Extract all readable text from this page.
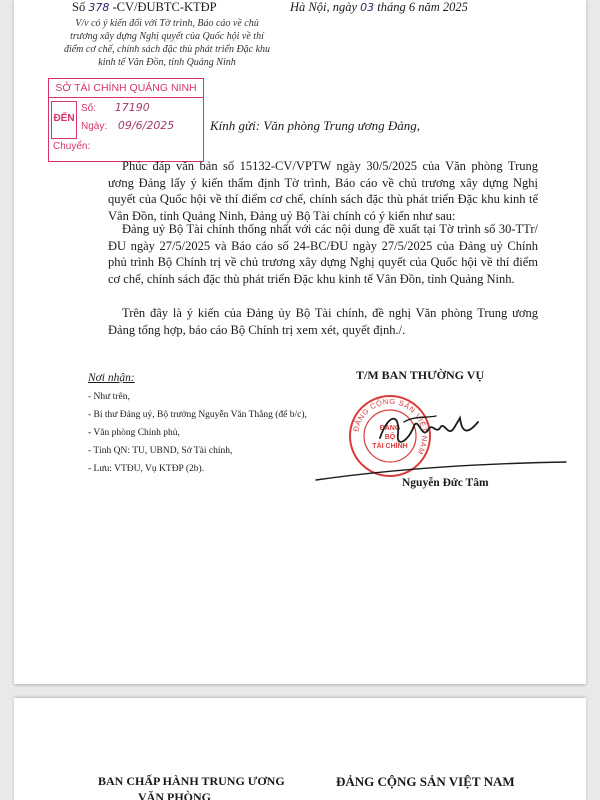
Số 378 -CV/ĐUBTC-KTĐP
V/v có ý kiến đối với Tờ trình, Báo cáo về chủ trương xây dựng Nghị quyết của Quốc hội về thí điểm cơ chế, chính sách đặc thù phát triển Đặc khu kinh tế Vân Đồn, tỉnh Quảng Ninh
Hà Nội, ngày 03 tháng 6 năm 2025
SỞ TÀI CHÍNH QUẢNG NINH
ĐẾN
Số: 17190
Ngày: 09/6/2025
Chuyển:
Kính gửi: Văn phòng Trung ương Đảng,
Phúc đáp văn bản số 15132-CV/VPTW ngày 30/5/2025 của Văn phòng Trung ương Đảng lấy ý kiến thẩm định Tờ trình, Báo cáo về chủ trương xây dựng Nghị quyết của Quốc hội về thí điểm cơ chế, chính sách đặc thù phát triển Đặc khu kinh tế Vân Đồn, tỉnh Quảng Ninh, Đảng uỷ Bộ Tài chính có ý kiến như sau:
Đảng uỷ Bộ Tài chính thống nhất với các nội dung đề xuất tại Tờ trình số 30-TTr/ĐU ngày 27/5/2025 và Báo cáo số 24-BC/ĐU ngày 27/5/2025 của Đảng uỷ Chính phủ trình Bộ Chính trị về chủ trương xây dựng Nghị quyết của Quốc hội về thí điểm cơ chế, chính sách đặc thù phát triển Đặc khu kinh tế Vân Đồn, tỉnh Quảng Ninh.
Trên đây là ý kiến của Đảng ủy Bộ Tài chính, đề nghị Văn phòng Trung ương Đảng tổng hợp, báo cáo Bộ Chính trị xem xét, quyết định./.
T/M BAN THƯỜNG VỤ
Nơi nhận:
- Như trên,
- Bí thư Đảng uỷ, Bộ trưởng Nguyễn Văn Thắng (để b/c),
- Văn phòng Chính phủ,
- Tỉnh QN: TU, UBND, Sở Tài chính,
- Lưu: VTĐU, Vụ KTĐP (2b).
ĐẢNG CỘNG SẢN VIỆT NAM
ĐẢNG
BỘ
TÀI CHÍNH
Nguyễn Đức Tâm
BAN CHẤP HÀNH TRUNG ƯƠNG
VĂN PHÒNG
ĐẢNG CỘNG SẢN VIỆT NAM
